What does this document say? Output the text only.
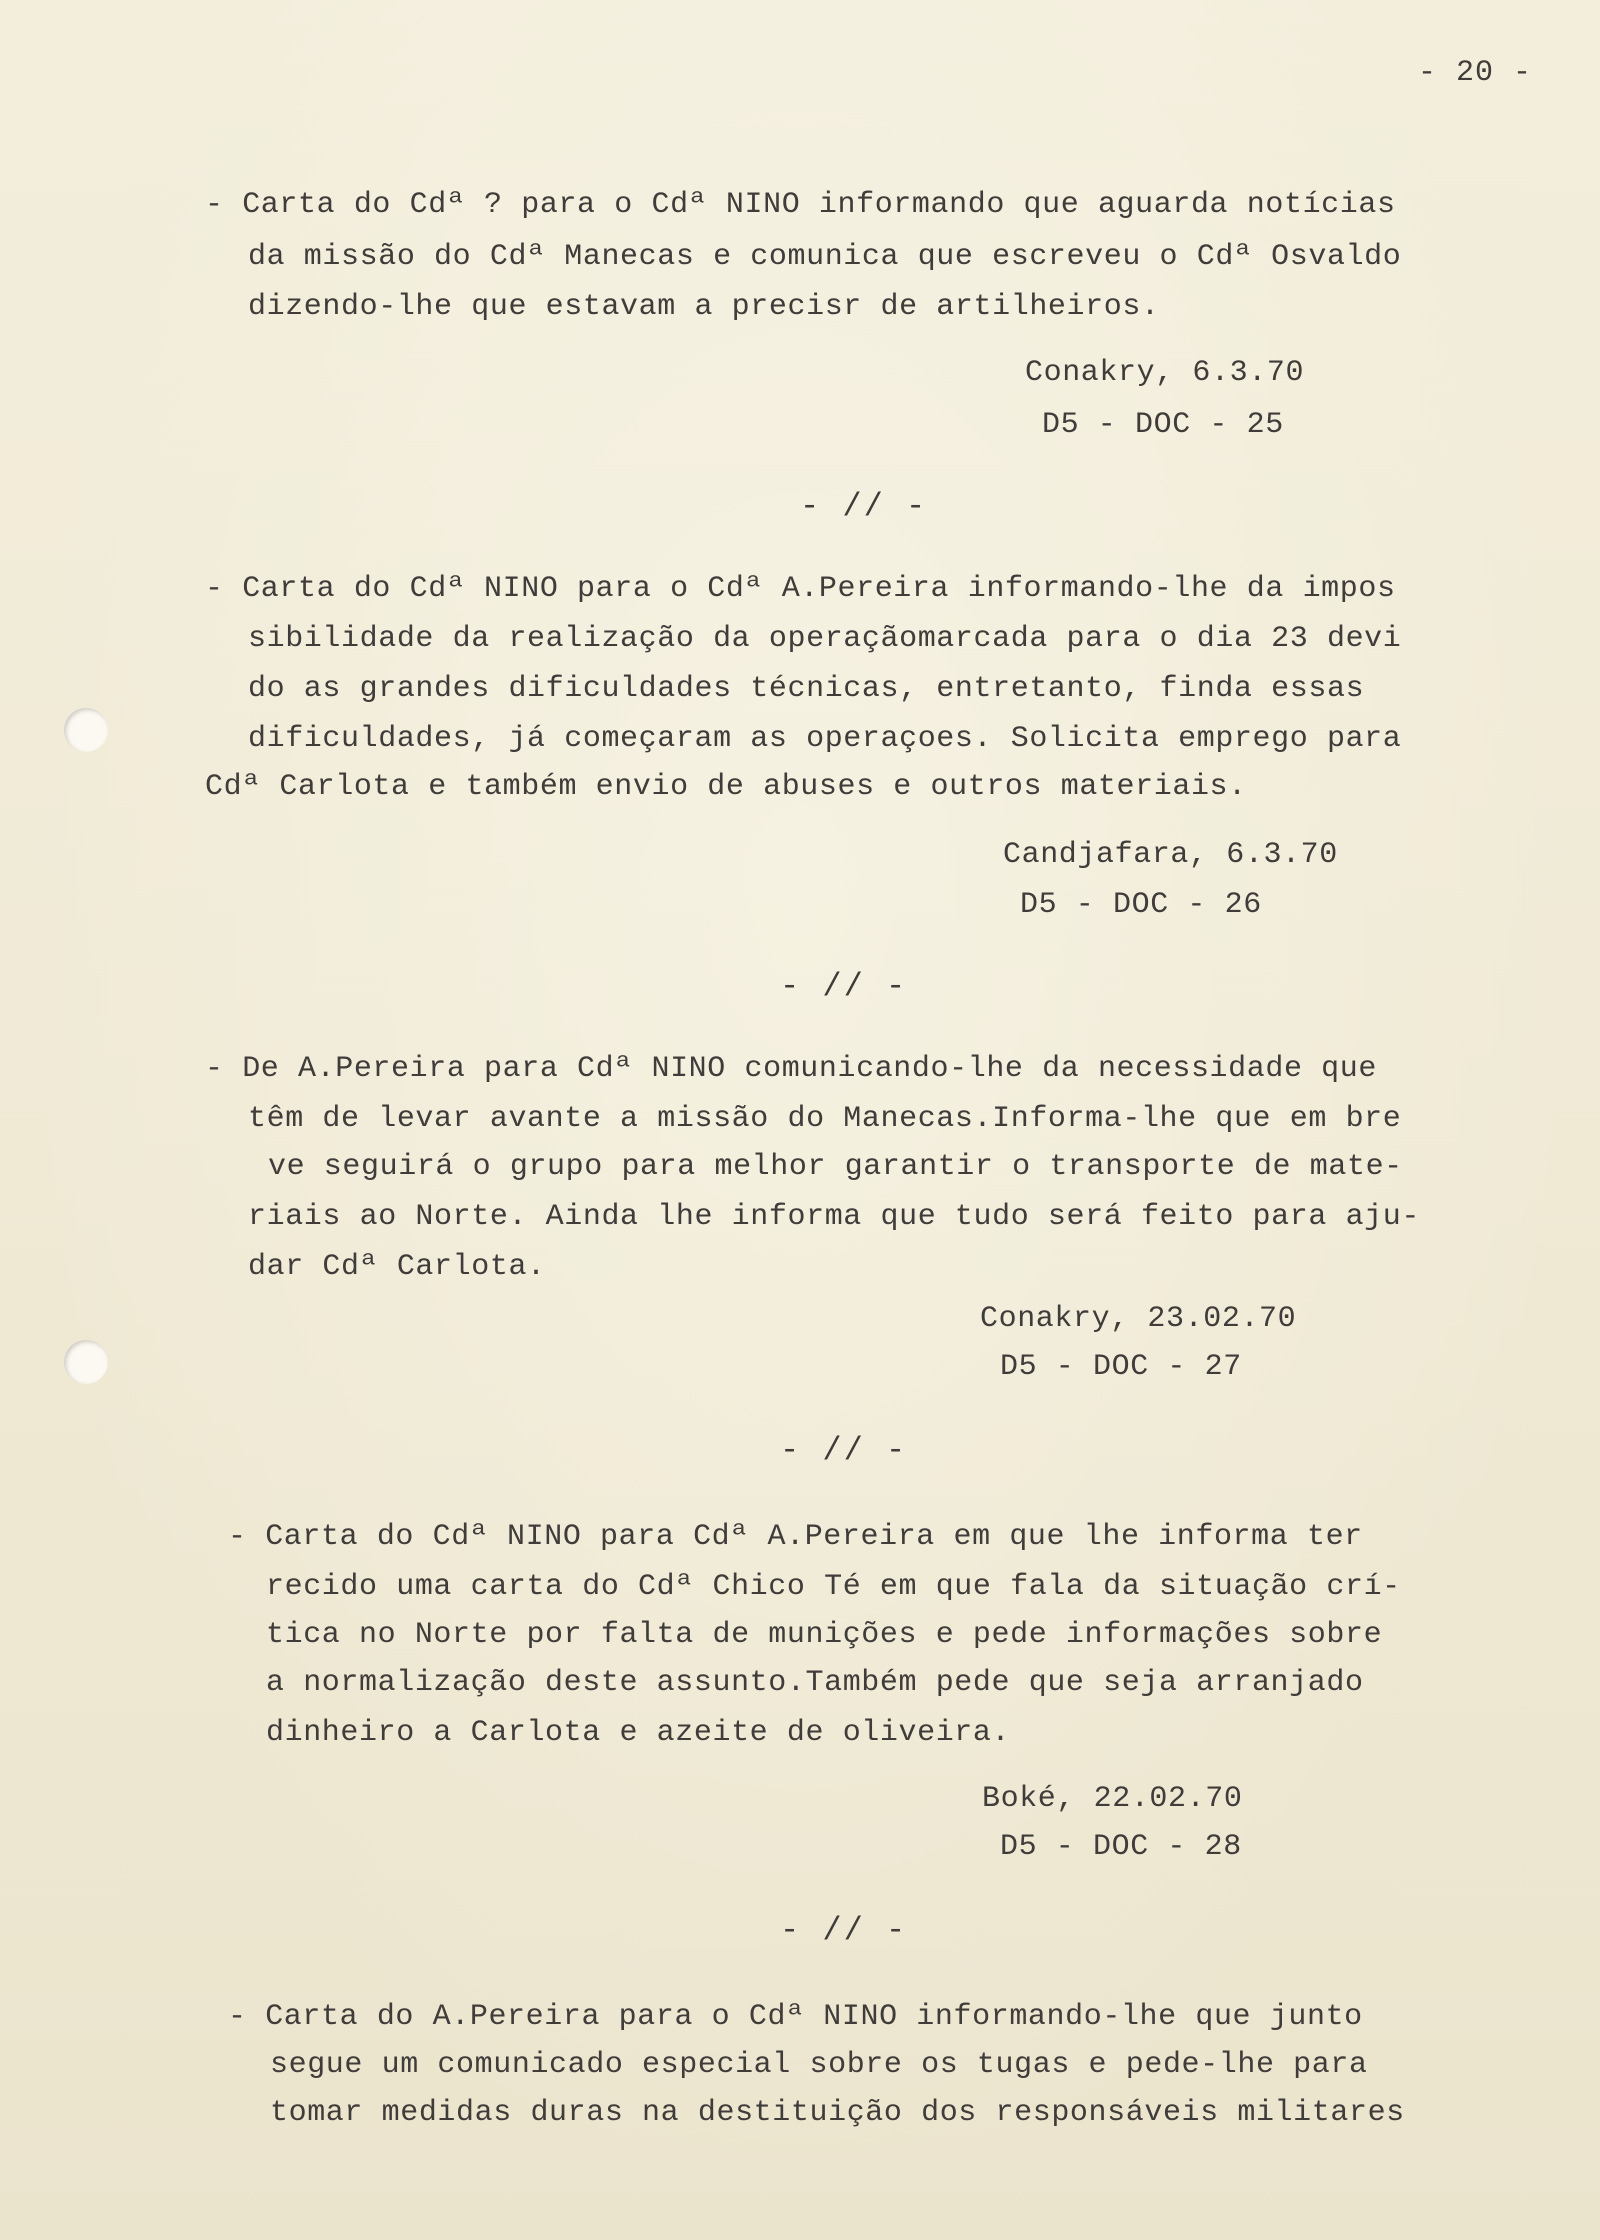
- 20 -
- Carta do Cdª ? para o Cdª NINO informando que aguarda notícias
da missão do Cdª Manecas e comunica que escreveu o Cdª Osvaldo
dizendo-lhe que estavam a precisr de artilheiros.
Conakry, 6.3.70
D5 - DOC - 25
- // -
- Carta do Cdª NINO para o Cdª A.Pereira informando-lhe da impos
sibilidade da realização da operaçãomarcada para o dia 23 devi
do as grandes dificuldades técnicas, entretanto, finda essas
dificuldades, já começaram as operaçoes. Solicita emprego para
Cdª Carlota e também envio de abuses e outros materiais.
Candjafara, 6.3.70
D5 - DOC - 26
- // -
- De A.Pereira para Cdª NINO comunicando-lhe da necessidade que
têm de levar avante a missão do Manecas.Informa-lhe que em bre
ve seguirá o grupo para melhor garantir o transporte de mate-
riais ao Norte. Ainda lhe informa que tudo será feito para aju-
dar Cdª Carlota.
Conakry, 23.02.70
D5 - DOC - 27
- // -
- Carta do Cdª NINO para Cdª A.Pereira em que lhe informa ter
recido uma carta do Cdª Chico Té em que fala da situação crí-
tica no Norte por falta de munições e pede informações sobre
a normalização deste assunto.Também pede que seja arranjado
dinheiro a Carlota e azeite de oliveira.
Boké, 22.02.70
D5 - DOC - 28
- // -
- Carta do A.Pereira para o Cdª NINO informando-lhe que junto
segue um comunicado especial sobre os tugas e pede-lhe para
tomar medidas duras na destituição dos responsáveis militares
